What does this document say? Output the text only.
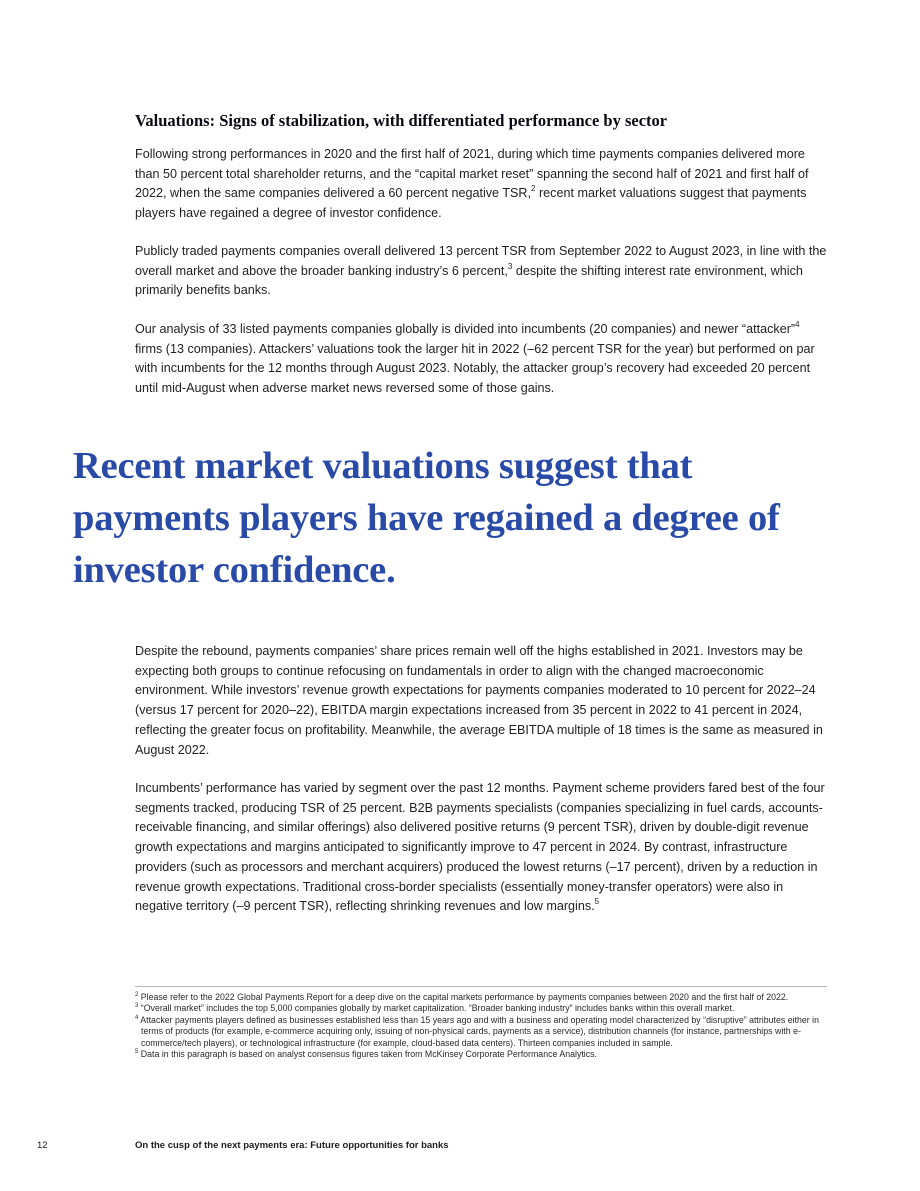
Valuations: Signs of stabilization, with differentiated performance by sector

Following strong performances in 2020 and the first half of 2021, during which time payments companies delivered more than 50 percent total shareholder returns, and the “capital market reset” spanning the second half of 2021 and first half of 2022, when the same companies delivered a 60 percent negative TSR,$^2$ recent market valuations suggest that payments players have regained a degree of investor confidence.

Publicly traded payments companies overall delivered 13 percent TSR from September 2022 to August 2023, in line with the overall market and above the broader banking industry’s 6 percent,$^3$ despite the shifting interest rate environment, which primarily benefits banks.

Our analysis of 33 listed payments companies globally is divided into incumbents (20 companies) and newer “attacker”$^4$ firms (13 companies). Attackers’ valuations took the larger hit in 2022 (–62 percent TSR for the year) but performed on par with incumbents for the 12 months through August 2023. Notably, the attacker group’s recovery had exceeded 20 percent until mid-August when adverse market news reversed some of those gains.

Recent market valuations suggest that payments players have regained a degree of investor confidence.

Despite the rebound, payments companies’ share prices remain well off the highs established in 2021. Investors may be expecting both groups to continue refocusing on fundamentals in order to align with the changed macroeconomic environment. While investors’ revenue growth expectations for payments companies moderated to 10 percent for 2022–24 (versus 17 percent for 2020–22), EBITDA margin expectations increased from 35 percent in 2022 to 41 percent in 2024, reflecting the greater focus on profitability. Meanwhile, the average EBITDA multiple of 18 times is the same as measured in August 2022.

Incumbents’ performance has varied by segment over the past 12 months. Payment scheme providers fared best of the four segments tracked, producing TSR of 25 percent. B2B payments specialists (companies specializing in fuel cards, accounts-receivable financing, and similar offerings) also delivered positive returns (9 percent TSR), driven by double-digit revenue growth expectations and margins anticipated to significantly improve to 47 percent in 2024. By contrast, infrastructure providers (such as processors and merchant acquirers) produced the lowest returns (–17 percent), driven by a reduction in revenue growth expectations. Traditional cross-border specialists (essentially money-transfer operators) were also in negative territory (–9 percent TSR), reflecting shrinking revenues and low margins.$^5$

$^2$ Please refer to the 2022 Global Payments Report for a deep dive on the capital markets performance by payments companies between 2020 and the first half of 2022.
$^3$ “Overall market” includes the top 5,000 companies globally by market capitalization. “Broader banking industry” includes banks within this overall market.
$^4$ Attacker payments players defined as businesses established less than 15 years ago and with a business and operating model characterized by “disruptive” attributes either in terms of products (for example, e-commerce acquiring only, issuing of non-physical cards, payments as a service), distribution channels (for instance, partnerships with e-commerce/tech players), or technological infrastructure (for example, cloud-based data centers). Thirteen companies included in sample.
$^5$ Data in this paragraph is based on analyst consensus figures taken from McKinsey Corporate Performance Analytics.
12	On the cusp of the next payments era: Future opportunities for banks
